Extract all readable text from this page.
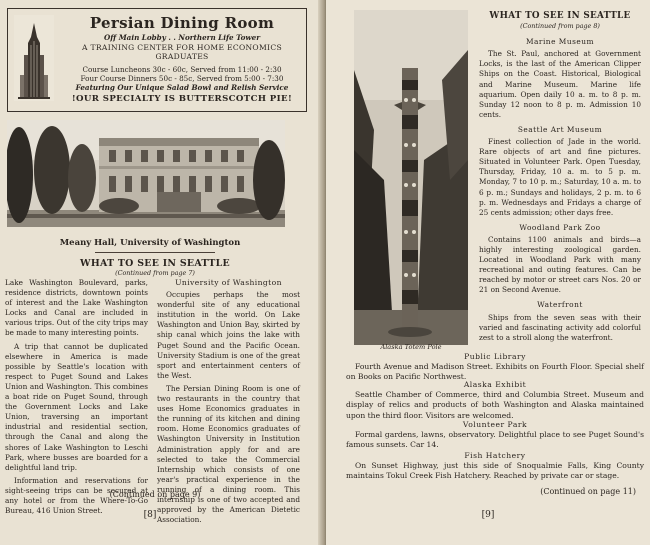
Persian Dining Room
Off Main Lobby . . Northern Life Tower
A TRAINING CENTER FOR HOME ECONOMICS
GRADUATES
Course Luncheons 30c - 60c, Served from 11:00 - 2:30
Four Course Dinners 50c - 85c, Served from 5:00 - 7:30
Featuring Our Unique Salad Bowl and Relish Service
!OUR SPECIALTY IS BUTTERSCOTCH PIE!
Meany Hall, University of Washington
WHAT TO SEE IN SEATTLE
(Continued from page 7)

Lake Washington Boulevard, parks, residence districts, downtown points of interest and the Lake Washington Locks and Canal are included in various trips. Out of the city trips may be made to many interesting points.

A trip that cannot be duplicated elsewhere in America is made possible by Seattle's location with respect to Puget Sound and Lakes Union and Washington. This combines a boat ride on Puget Sound, through the Government Locks and Lake Union, traversing an important industrial and residential section, through the Canal and along the shores of Lake Washington to Leschi Park, where busses are boarded for a delightful land trip.

Information and reservations for sight-seeing trips can be secured at any hotel or from the Where-To-Go Bureau, 416 Union Street.

University of Washington

Occupies perhaps the most wonderful site of any educational institution in the world. On Lake Washington and Union Bay, skirted by ship canal which joins the lake with Puget Sound and the Pacific Ocean. University Stadium is one of the great sport and entertainment centers of the West.

The Persian Dining Room is one of two restaurants in the country that uses Home Economics graduates in the running of its kitchen and dining room. Home Economics graduates of Washington University in Institution Administration apply for and are selected to take the Commercial Internship which consists of one year's practical experience in the running of a dining room. This internship is one of two accepted and approved by the American Dietetic Association.

(Continued on page 9)
[8]
Alaska Totem Pole
WHAT TO SEE IN SEATTLE
(Continued from page 8)
Marine Museum

The St. Paul, anchored at Government Locks, is the last of the American Clipper Ships on the Coast. Historical, Biological and Marine Museum. Marine life aquarium. Open daily 10 a. m. to 8 p. m. Sunday 12 noon to 8 p. m. Admission 10 cents.

Seattle Art Museum

Finest collection of Jade in the world. Rare objects of art and fine pictures. Situated in Volunteer Park. Open Tuesday, Thursday, Friday, 10 a. m. to 5 p. m. Monday, 7 to 10 p. m.; Saturday, 10 a. m. to 6 p. m.; Sundays and holidays, 2 p. m. to 6 p. m. Wednesdays and Fridays a charge of 25 cents admission; other days free.

Woodland Park Zoo

Contains 1100 animals and birds—a highly interesting zoological garden. Located in Woodland Park with many recreational and outing features. Can be reached by motor or street cars Nos. 20 or 21 on Second Avenue.

Waterfront

Ships from the seven seas with their varied and fascinating activity add colorful zest to a stroll along the waterfront.

Public Library

Fourth Avenue and Madison Street. Exhibits on Fourth Floor. Special shelf on Books on Pacific Northwest.

Alaska Exhibit

Seattle Chamber of Commerce, third and Columbia Street. Museum and display of relics and products of both Washington and Alaska maintained upon the third floor. Visitors are welcomed.

Volunteer Park

Formal gardens, lawns, observatory. Delightful place to see Puget Sound's famous sunsets. Car 14.

Fish Hatchery

On Sunset Highway, just this side of Snoqualmie Falls, King County maintains Tokul Creek Fish Hatchery. Reached by private car or stage.

(Continued on page 11)
[9]
